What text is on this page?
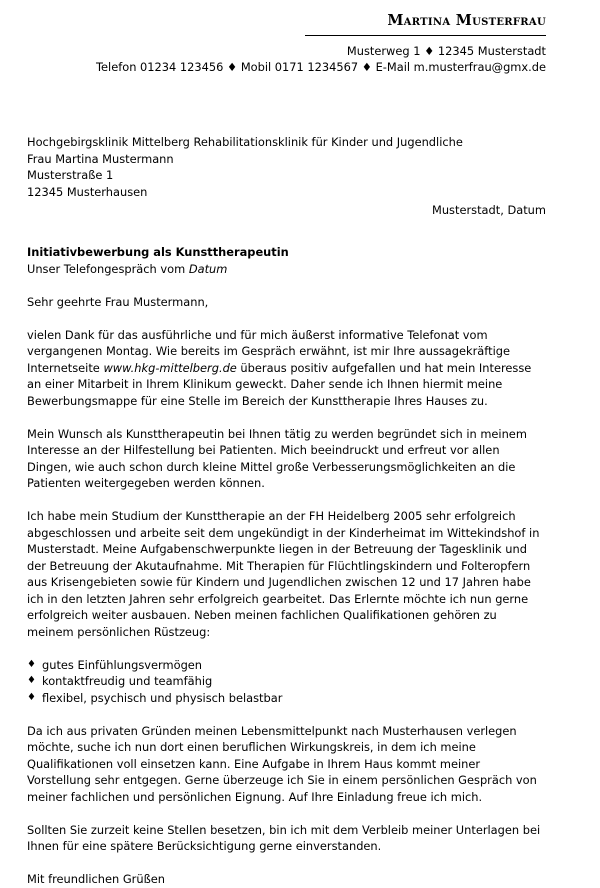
Martina Musterfrau
Musterweg 1 ♦ 12345 Musterstadt
Telefon 01234 123456 ♦ Mobil 0171 1234567 ♦ E-Mail m.musterfrau@gmx.de
Hochgebirgsklinik Mittelberg Rehabilitationsklinik für Kinder und Jugendliche
Frau Martina Mustermann
Musterstraße 1
12345 Musterhausen
Musterstadt, Datum
Initiativbewerbung als Kunsttherapeutin
Unser Telefongespräch vom Datum
Sehr geehrte Frau Mustermann,
vielen Dank für das ausführliche und für mich äußerst informative Telefonat vom vergangenen Montag. Wie bereits im Gespräch erwähnt, ist mir Ihre aussagekräftige Internetseite www.hkg-mittelberg.de überaus positiv aufgefallen und hat mein Interesse an einer Mitarbeit in Ihrem Klinikum geweckt. Daher sende ich Ihnen hiermit meine Bewerbungsmappe für eine Stelle im Bereich der Kunsttherapie Ihres Hauses zu.
Mein Wunsch als Kunsttherapeutin bei Ihnen tätig zu werden begründet sich in meinem Interesse an der Hilfestellung bei Patienten. Mich beeindruckt und erfreut vor allen Dingen, wie auch schon durch kleine Mittel große Verbesserungsmöglichkeiten an die Patienten weitergegeben werden können.
Ich habe mein Studium der Kunsttherapie an der FH Heidelberg 2005 sehr erfolgreich abgeschlossen und arbeite seit dem ungekündigt in der Kinderheimat im Wittekindshof in Musterstadt. Meine Aufgabenschwerpunkte liegen in der Betreuung der Tagesklinik und der Betreuung der Akutaufnahme. Mit Therapien für Flüchtlingskindern und Folteropfern aus Krisengebieten sowie für Kindern und Jugendlichen zwischen 12 und 17 Jahren habe ich in den letzten Jahren sehr erfolgreich gearbeitet. Das Erlernte möchte ich nun gerne erfolgreich weiter ausbauen. Neben meinen fachlichen Qualifikationen gehören zu meinem persönlichen Rüstzeug:
♦ gutes Einfühlungsvermögen
♦ kontaktfreudig und teamfähig
♦ flexibel, psychisch und physisch belastbar
Da ich aus privaten Gründen meinen Lebensmittelpunkt nach Musterhausen verlegen möchte, suche ich nun dort einen beruflichen Wirkungskreis, in dem ich meine Qualifikationen voll einsetzen kann. Eine Aufgabe in Ihrem Haus kommt meiner Vorstellung sehr entgegen. Gerne überzeuge ich Sie in einem persönlichen Gespräch von meiner fachlichen und persönlichen Eignung. Auf Ihre Einladung freue ich mich.
Sollten Sie zurzeit keine Stellen besetzen, bin ich mit dem Verbleib meiner Unterlagen bei Ihnen für eine spätere Berücksichtigung gerne einverstanden.
Mit freundlichen Grüßen
